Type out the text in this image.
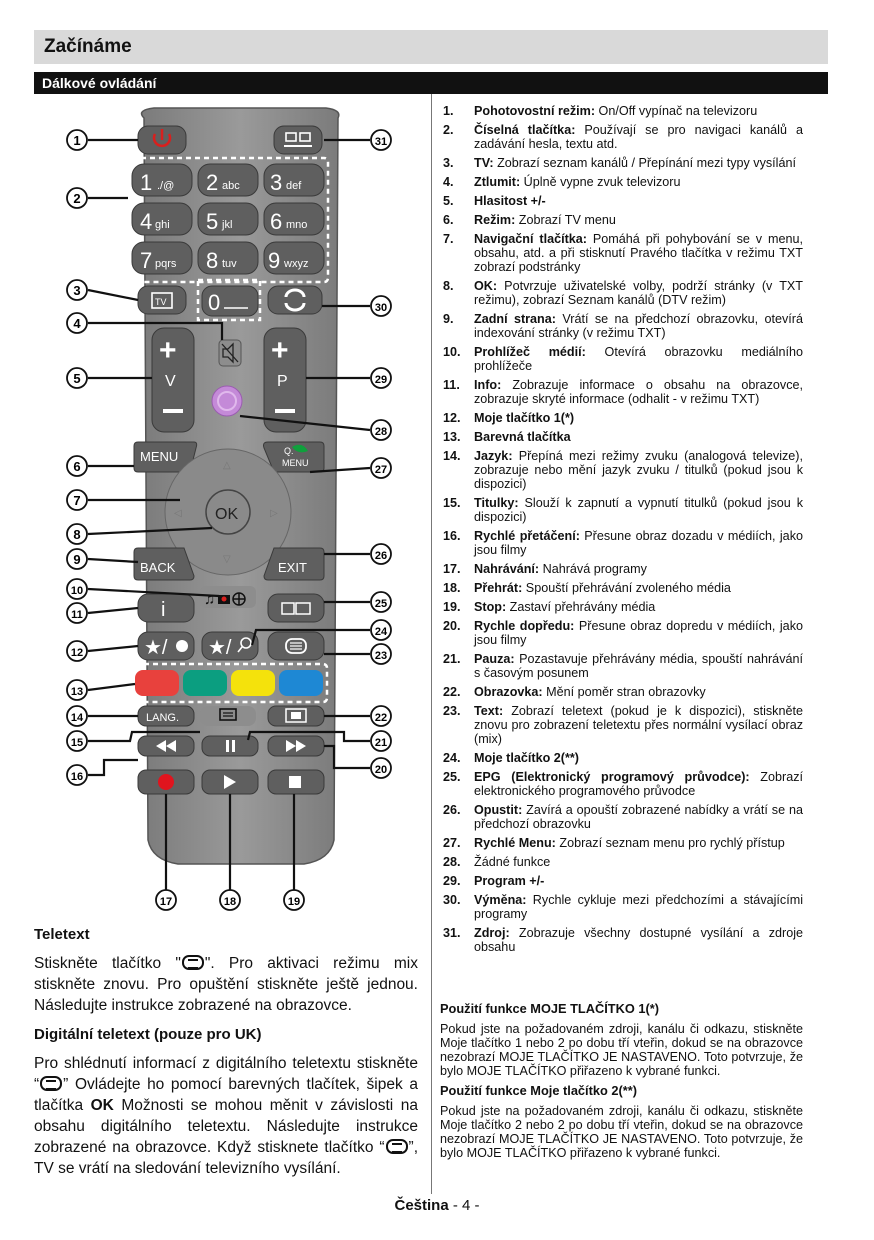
Začínáme
Dálkové ovládání
1 ./@ 2 abc 3 def
4 ghi 5 jkl 6 mno
7 pqrs 8 tuv 9 wxyz
TV 0
+
V
+
P
MENU	Q.
MENU
△
▽
◁	▷
OK
BACK	EXIT
♫
i
★/ ★/
LANG.
1
2
3
4
5
6
7
8
9
10
11
12
13
14
15
16
17	18	19
20
21
22
23
24
25
26
27
28
29
30
31
Teletext

Stiskněte tlačítko " ". Pro aktivaci režimu mix stiskněte znovu. Pro opuštění stiskněte ještě jednou. Následujte instrukce zobrazené na obrazovce.

Digitální teletext (pouze pro UK)

Pro shlédnutí informací z digitálního teletextu stiskněte “ ” Ovládejte ho pomocí barevných tlačítek, šipek a tlačítka OK Možnosti se mohou měnit v závislosti na obsahu digitálního teletextu. Následujte instrukce zobrazené na obrazovce. Když stisknete tlačítko “ ”, TV se vrátí na sledování televizního vysílání.

1.	Pohotovostní režim: On/Off vypínač na televizoru
2.	Číselná tlačítka: Používají se pro navigaci kanálů a zadávání hesla, textu atd.
3.	TV: Zobrazí seznam kanálů / Přepínání mezi typy vysílání
4.	Ztlumit: Úplně vypne zvuk televizoru
5.	Hlasitost +/-
6.	Režim: Zobrazí TV menu
7.	Navigační tlačítka: Pomáhá při pohybování se v menu, obsahu, atd. a při stisknutí Pravého tlačítka v režimu TXT zobrazí podstránky
8.	OK: Potvrzuje uživatelské volby, podrží stránky (v TXT režimu), zobrazí Seznam kanálů (DTV režim)
9.	Zadní strana: Vrátí se na předchozí obrazovku, otevírá indexování stránky (v režimu TXT)
10.	Prohlížeč médií: Otevírá obrazovku mediálního prohlížeče
11.	Info: Zobrazuje informace o obsahu na obrazovce, zobrazuje skryté informace (odhalit - v režimu TXT)
12.	Moje tlačítko 1(*)
13.	Barevná tlačítka
14.	Jazyk: Přepíná mezi režimy zvuku (analogová televize), zobrazuje nebo mění jazyk zvuku / titulků (pokud jsou k dispozici)
15.	Titulky: Slouží k zapnutí a vypnutí titulků (pokud jsou k dispozici)
16.	Rychlé přetáčení: Přesune obraz dozadu v médiích, jako jsou filmy
17.	Nahrávání: Nahrává programy
18.	Přehrát: Spouští přehrávání zvoleného média
19.	Stop: Zastaví přehrávány média
20.	Rychle dopředu: Přesune obraz dopredu v médiích, jako jsou filmy
21.	Pauza: Pozastavuje přehrávány média, spouští nahrávání s časovým posunem
22.	Obrazovka: Mění poměr stran obrazovky
23.	Text: Zobrazí teletext (pokud je k dispozici), stiskněte znovu pro zobrazení teletextu přes normální vysílací obraz (mix)
24.	Moje tlačítko 2(**)
25.	EPG (Elektronický programový průvodce): Zobrazí elektronického programového průvodce
26.	Opustit: Zavírá a opouští zobrazené nabídky a vrátí se na předchozí obrazovku
27.	Rychlé Menu: Zobrazí seznam menu pro rychlý přístup
28.	Žádné funkce
29.	Program +/-
30.	Výměna: Rychle cykluje mezi předchozími a stávajícími programy
31.	Zdroj: Zobrazuje všechny dostupné vysílání a zdroje obsahu
Použití funkce MOJE TLAČÍTKO 1(*)

Pokud jste na požadovaném zdroji, kanálu či odkazu, stiskněte Moje tlačítko 1 nebo 2 po dobu tří vteřin, dokud se na obrazovce nezobrazí MOJE TLAČÍTKO JE NASTAVENO. Toto potvrzuje, že bylo MOJE TLAČÍTKO přiřazeno k vybrané funkci.

Použití funkce Moje tlačítko 2(**)

Pokud jste na požadovaném zdroji, kanálu či odkazu, stiskněte Moje tlačítko 2 nebo 2 po dobu tří vteřin, dokud se na obrazovce nezobrazí MOJE TLAČÍTKO JE NASTAVENO. Toto potvrzuje, že bylo MOJE TLAČÍTKO přiřazeno k vybrané funkci.

Čeština - 4 -
